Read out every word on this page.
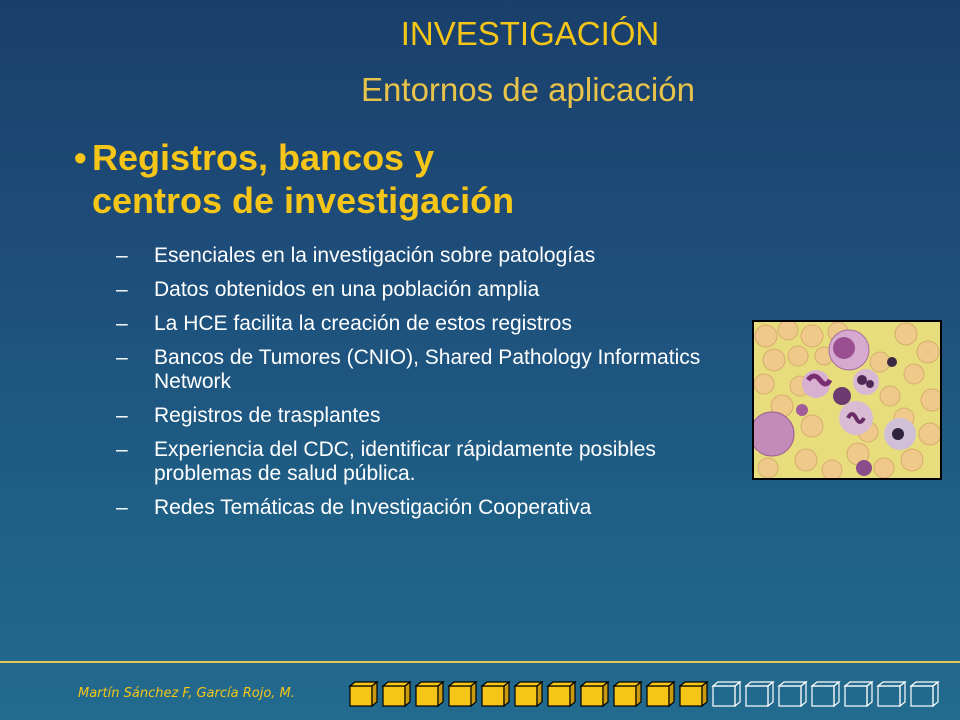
INVESTIGACIÓN
Entornos de aplicación
• Registros, bancos y
centros de investigación
– Esenciales en la investigación sobre patologías
– Datos obtenidos en una población amplia
– La HCE facilita la creación de estos registros
– Bancos de Tumores (CNIO), Shared Pathology Informatics Network
– Registros de trasplantes
– Experiencia del CDC, identificar rápidamente posibles problemas de salud pública.
– Redes Temáticas de Investigación Cooperativa
Martín Sánchez F, García Rojo, M.
